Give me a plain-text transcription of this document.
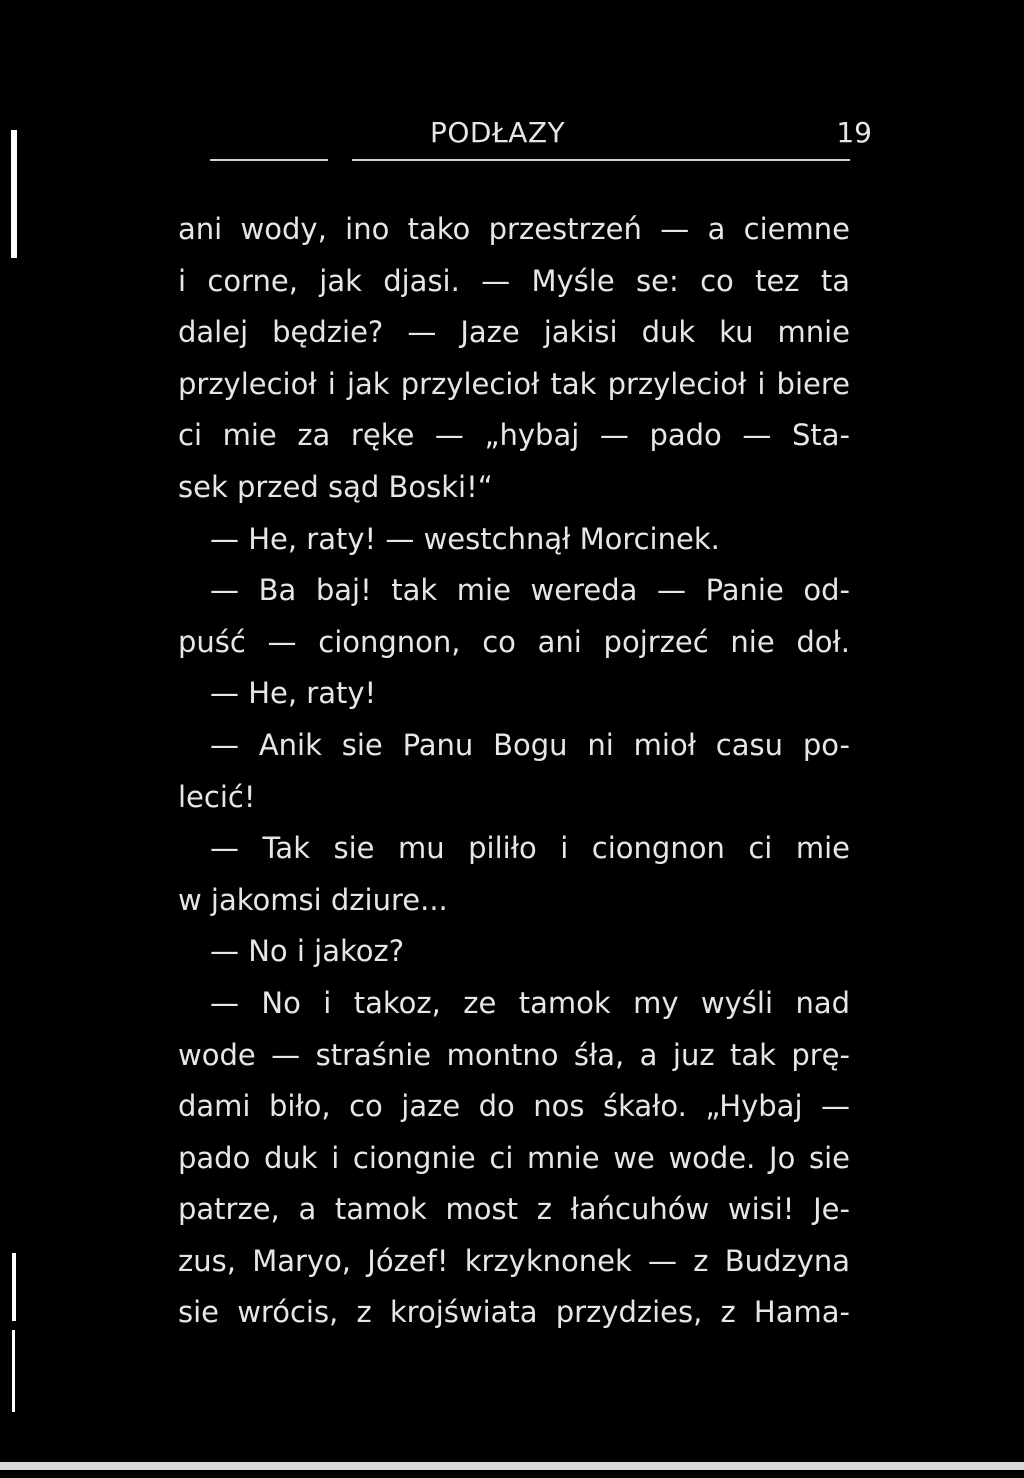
PODŁAZY	19
ani wody, ino tako przestrzeń — a ciemne
i corne, jak djasi. — Myśle se: co tez ta
dalej będzie? — Jaze jakisi duk ku mnie
przylecioł i jak przylecioł tak przylecioł i biere
ci mie za ręke — „hybaj — pado — Sta-
sek przed sąd Boski!“
— He, raty! — westchnął Morcinek.
— Ba baj! tak mie wereda — Panie od-
puść — ciongnon, co ani pojrzeć nie doł.
— He, raty!
— Anik sie Panu Bogu ni mioł casu po-
lecić!
— Tak sie mu piliło i ciongnon ci mie
w jakomsi dziure...
— No i jakoz?
— No i takoz, ze tamok my wyśli nad
wode — straśnie montno śła, a juz tak prę-
dami biło, co jaze do nos śkało. „Hybaj —
pado duk i ciongnie ci mnie we wode. Jo sie
patrze, a tamok most z łańcuhów wisi! Je-
zus, Maryo, Józef! krzyknonek — z Budzyna
sie wrócis, z krojświata przydzies, z Hama-
